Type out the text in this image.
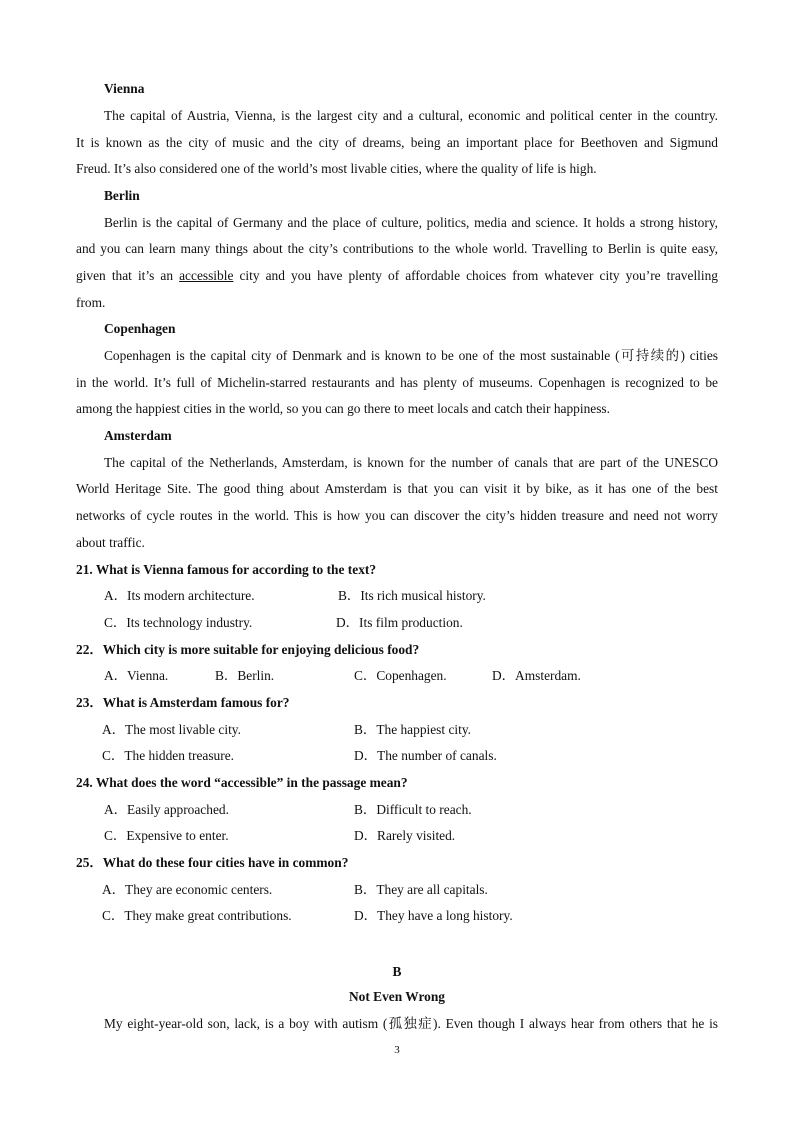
Vienna
The capital of Austria, Vienna, is the largest city and a cultural, economic and political center in the country.
It is known as the city of music and the city of dreams, being an important place for Beethoven and Sigmund
Freud. It’s also considered one of the world’s most livable cities, where the quality of life is high.
Berlin
Berlin is the capital of Germany and the place of culture, politics, media and science. It holds a strong history,
and you can learn many things about the city’s contributions to the whole world. Travelling to Berlin is quite easy,
given that it’s an accessible city and you have plenty of affordable choices from whatever city you’re travelling
from.
Copenhagen
Copenhagen is the capital city of Denmark and is known to be one of the most sustainable (可持续的) cities
in the world. It’s full of Michelin-starred restaurants and has plenty of museums. Copenhagen is recognized to be
among the happiest cities in the world, so you can go there to meet locals and catch their happiness.
Amsterdam
The capital of the Netherlands, Amsterdam, is known for the number of canals that are part of the UNESCO
World Heritage Site. The good thing about Amsterdam is that you can visit it by bike, as it has one of the best
networks of cycle routes in the world. This is how you can discover the city’s hidden treasure and need not worry
about traffic.
21. What is Vienna famous for according to the text?
A．Its modern architecture.	B．Its rich musical history.
C．Its technology industry.	D．Its film production.
22．Which city is more suitable for enjoying delicious food?
A．Vienna.	B．Berlin.	C．Copenhagen.	D．Amsterdam.
23．What is Amsterdam famous for?
A．The most livable city.	B．The happiest city.
C．The hidden treasure.	D．The number of canals.
24. What does the word “accessible” in the passage mean?
A．Easily approached.	B．Difficult to reach.
C．Expensive to enter.	D．Rarely visited.
25．What do these four cities have in common?
A．They are economic centers.	B．They are all capitals.
C．They make great contributions.	D．They have a long history.
B
Not Even Wrong
My eight-year-old son, lack, is a boy with autism (孤独症). Even though I always hear from others that he is
3
